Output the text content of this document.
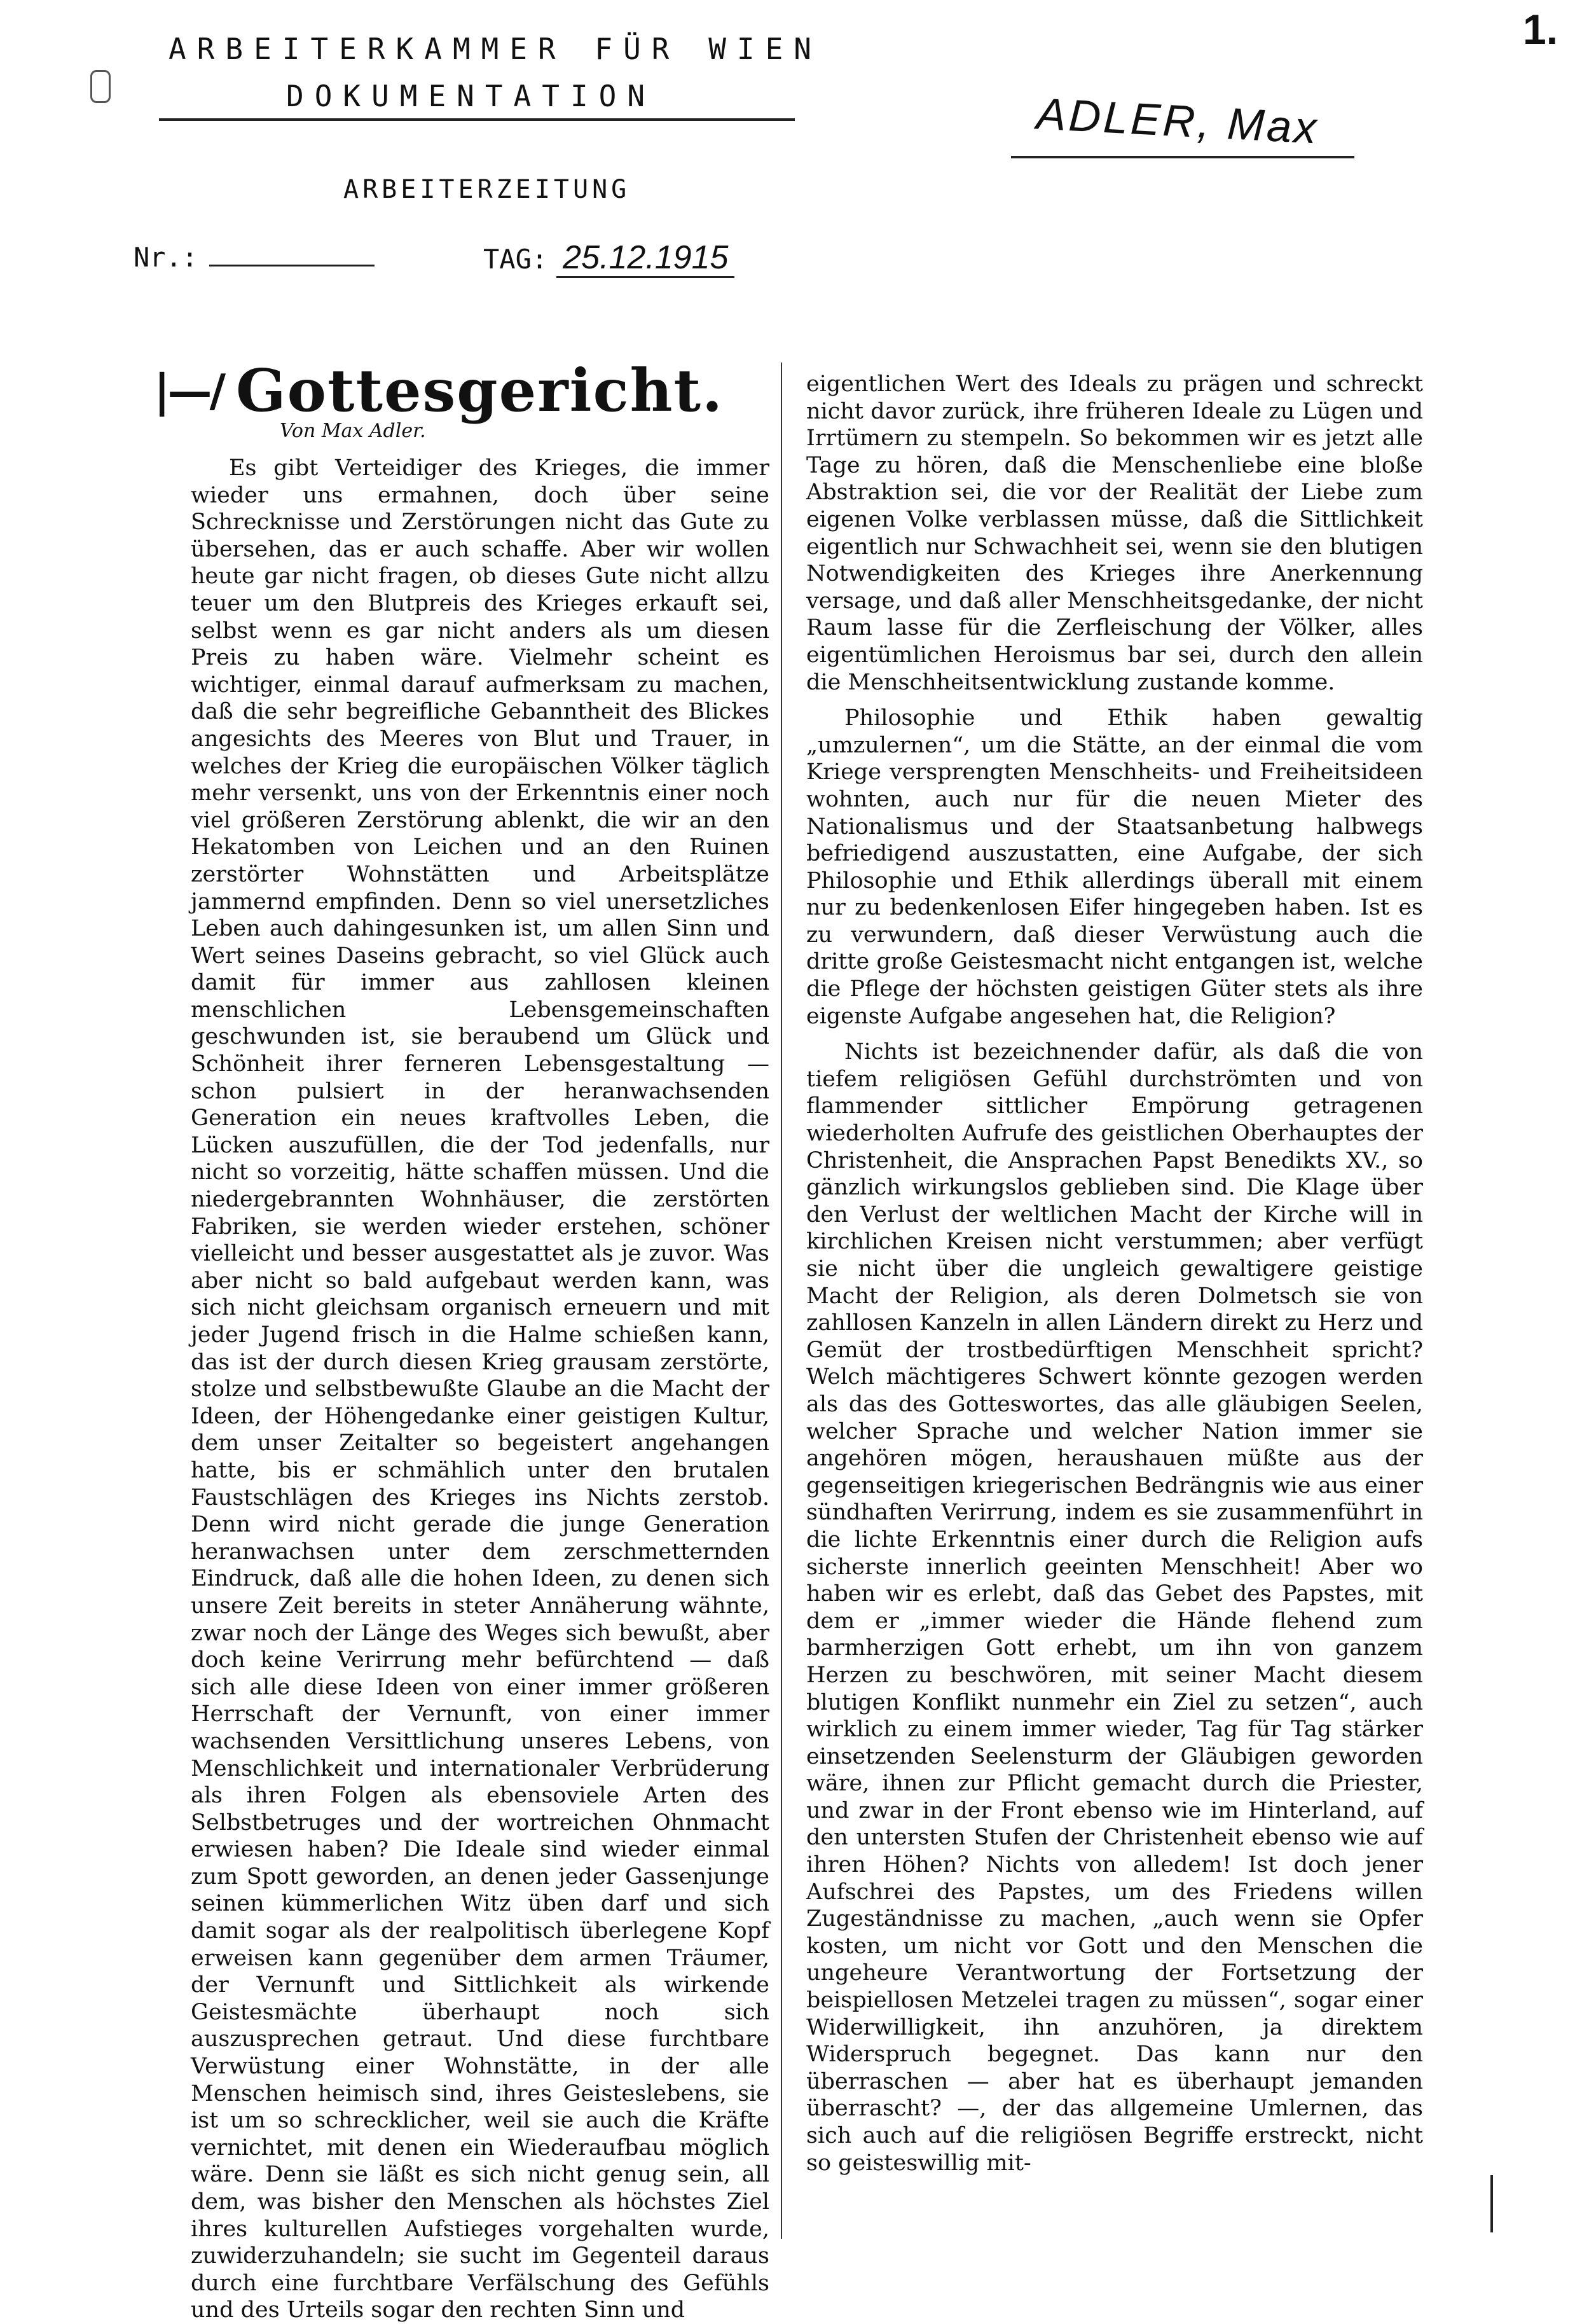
ARBEITERKAMMER FÜR WIEN
DOKUMENTATION
1.
ADLER, Max
ARBEITERZEITUNG
Nr.:	TAG: 25.12.1915
|—/ Gottesgericht.
Von Max Adler.

Es gibt Verteidiger des Krieges, die immer wieder uns ermahnen, doch über seine Schrecknisse und Zerstörungen nicht das Gute zu übersehen, das er auch schaffe. Aber wir wollen heute gar nicht fragen, ob dieses Gute nicht allzu teuer um den Blutpreis des Krieges erkauft sei, selbst wenn es gar nicht anders als um diesen Preis zu haben wäre. Vielmehr scheint es wichtiger, einmal darauf aufmerksam zu machen, daß die sehr begreifliche Gebanntheit des Blickes angesichts des Meeres von Blut und Trauer, in welches der Krieg die europäischen Völker täglich mehr versenkt, uns von der Erkenntnis einer noch viel größeren Zerstörung ablenkt, die wir an den Hekatomben von Leichen und an den Ruinen zerstörter Wohnstätten und Arbeitsplätze jammernd empfinden. Denn so viel unersetzliches Leben auch dahingesunken ist, um allen Sinn und Wert seines Daseins gebracht, so viel Glück auch damit für immer aus zahllosen kleinen menschlichen Lebensgemeinschaften geschwunden ist, sie beraubend um Glück und Schönheit ihrer ferneren Lebensgestaltung — schon pulsiert in der heranwachsenden Generation ein neues kraftvolles Leben, die Lücken auszufüllen, die der Tod jedenfalls, nur nicht so vorzeitig, hätte schaffen müssen. Und die niedergebrannten Wohnhäuser, die zerstörten Fabriken, sie werden wieder erstehen, schöner vielleicht und besser ausgestattet als je zuvor. Was aber nicht so bald aufgebaut werden kann, was sich nicht gleichsam organisch erneuern und mit jeder Jugend frisch in die Halme schießen kann, das ist der durch diesen Krieg grausam zerstörte, stolze und selbstbewußte Glaube an die Macht der Ideen, der Höhengedanke einer geistigen Kultur, dem unser Zeitalter so begeistert angehangen hatte, bis er schmählich unter den brutalen Faustschlägen des Krieges ins Nichts zerstob. Denn wird nicht gerade die junge Generation heranwachsen unter dem zerschmetternden Eindruck, daß alle die hohen Ideen, zu denen sich unsere Zeit bereits in steter Annäherung wähnte, zwar noch der Länge des Weges sich bewußt, aber doch keine Verirrung mehr befürchtend — daß sich alle diese Ideen von einer immer größeren Herrschaft der Vernunft, von einer immer wachsenden Versittlichung unseres Lebens, von Menschlichkeit und internationaler Verbrüderung als ihren Folgen als ebensoviele Arten des Selbstbetruges und der wortreichen Ohnmacht erwiesen haben? Die Ideale sind wieder einmal zum Spott geworden, an denen jeder Gassenjunge seinen kümmerlichen Witz üben darf und sich damit sogar als der realpolitisch überlegene Kopf erweisen kann gegenüber dem armen Träumer, der Vernunft und Sittlichkeit als wirkende Geistesmächte überhaupt noch sich auszusprechen getraut. Und diese furchtbare Verwüstung einer Wohnstätte, in der alle Menschen heimisch sind, ihres Geisteslebens, sie ist um so schrecklicher, weil sie auch die Kräfte vernichtet, mit denen ein Wiederaufbau möglich wäre. Denn sie läßt es sich nicht genug sein, all dem, was bisher den Menschen als höchstes Ziel ihres kulturellen Aufstieges vorgehalten wurde, zuwiderzuhandeln; sie sucht im Gegenteil daraus durch eine furchtbare Verfälschung des Gefühls und des Urteils sogar den rechten Sinn und

eigentlichen Wert des Ideals zu prägen und schreckt nicht davor zurück, ihre früheren Ideale zu Lügen und Irrtümern zu stempeln. So bekommen wir es jetzt alle Tage zu hören, daß die Menschenliebe eine bloße Abstraktion sei, die vor der Realität der Liebe zum eigenen Volke verblassen müsse, daß die Sittlichkeit eigentlich nur Schwachheit sei, wenn sie den blutigen Notwendigkeiten des Krieges ihre Anerkennung versage, und daß aller Menschheitsgedanke, der nicht Raum lasse für die Zerfleischung der Völker, alles eigentümlichen Heroismus bar sei, durch den allein die Menschheitsentwicklung zustande komme.

Philosophie und Ethik haben gewaltig „umzulernen“, um die Stätte, an der einmal die vom Kriege versprengten Menschheits- und Freiheitsideen wohnten, auch nur für die neuen Mieter des Nationalismus und der Staatsanbetung halbwegs befriedigend auszustatten, eine Aufgabe, der sich Philosophie und Ethik allerdings überall mit einem nur zu bedenkenlosen Eifer hingegeben haben. Ist es zu verwundern, daß dieser Verwüstung auch die dritte große Geistesmacht nicht entgangen ist, welche die Pflege der höchsten geistigen Güter stets als ihre eigenste Aufgabe angesehen hat, die Religion?

Nichts ist bezeichnender dafür, als daß die von tiefem religiösen Gefühl durchströmten und von flammender sittlicher Empörung getragenen wiederholten Aufrufe des geistlichen Oberhauptes der Christenheit, die Ansprachen Papst Benedikts XV., so gänzlich wirkungslos geblieben sind. Die Klage über den Verlust der weltlichen Macht der Kirche will in kirchlichen Kreisen nicht verstummen; aber verfügt sie nicht über die ungleich gewaltigere geistige Macht der Religion, als deren Dolmetsch sie von zahllosen Kanzeln in allen Ländern direkt zu Herz und Gemüt der trostbedürftigen Menschheit spricht? Welch mächtigeres Schwert könnte gezogen werden als das des Gotteswortes, das alle gläubigen Seelen, welcher Sprache und welcher Nation immer sie angehören mögen, heraushauen müßte aus der gegenseitigen kriegerischen Bedrängnis wie aus einer sündhaften Verirrung, indem es sie zusammenführt in die lichte Erkenntnis einer durch die Religion aufs sicherste innerlich geeinten Menschheit! Aber wo haben wir es erlebt, daß das Gebet des Papstes, mit dem er „immer wieder die Hände flehend zum barmherzigen Gott erhebt, um ihn von ganzem Herzen zu beschwören, mit seiner Macht diesem blutigen Konflikt nunmehr ein Ziel zu setzen“, auch wirklich zu einem immer wieder, Tag für Tag stärker einsetzenden Seelensturm der Gläubigen geworden wäre, ihnen zur Pflicht gemacht durch die Priester, und zwar in der Front ebenso wie im Hinterland, auf den untersten Stufen der Christenheit ebenso wie auf ihren Höhen? Nichts von alledem! Ist doch jener Aufschrei des Papstes, um des Friedens willen Zugeständnisse zu machen, „auch wenn sie Opfer kosten, um nicht vor Gott und den Menschen die ungeheure Verantwortung der Fortsetzung der beispiellosen Metzelei tragen zu müssen“, sogar einer Widerwilligkeit, ihn anzuhören, ja direktem Widerspruch begegnet. Das kann nur den überraschen — aber hat es überhaupt jemanden überrascht? —, der das allgemeine Umlernen, das sich auch auf die religiösen Begriffe erstreckt, nicht so geisteswillig mit-
